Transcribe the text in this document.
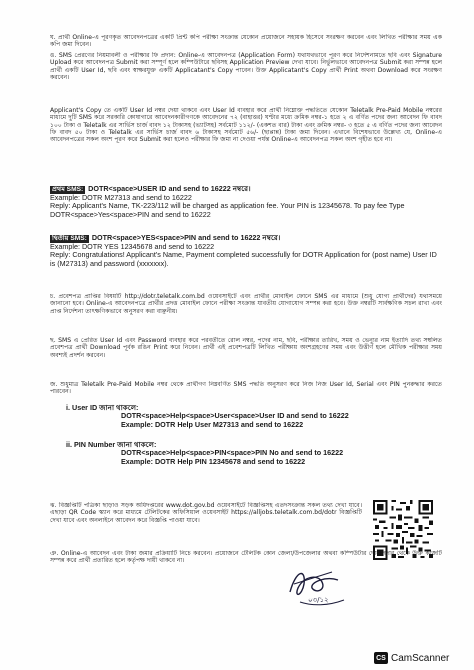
ঘ. প্রার্থী Online-এ পূরণকৃত আবেদনপত্রের একটি প্রিন্ট কপি পরীক্ষা সংক্রান্ত যেকোন প্রয়োজনে সহায়ক হিসেবে সংরক্ষণ করবেন এবং লিখিত পরীক্ষার সময় এক কপি জমা দিবেন।
ঙ. SMS প্রেরণের নিয়মাবলী ও পরীক্ষার ফি প্রদান: Online-এ আবেদনপত্র (Application Form) যথাযথভাবে পূরণ করে নির্দেশনামতে ছবি এবং Signature Upload করে আবেদনপত্র Submit করা সম্পূর্ণ হলে কম্পিউটারে ছবিসহ Application Preview দেখা যাবে। নির্ভুলভাবে আবেদনপত্র Submit করা সম্পন্ন হলে প্রার্থী একটি User Id, ছবি এবং স্বাক্ষরযুক্ত একটি Applicatant's Copy পাবেন। উক্ত Applicatant's Copy প্রার্থী Print অথবা Download করে সংরক্ষণ করবেন।
Applicant's Copy তে একটি User Id নম্বর দেয়া থাকবে এবং User Id ব্যবহার করে প্রার্থী নিম্নোক্ত পদ্ধতিতে যেকোন Teletalk Pre-Paid Mobile নম্বরের মাধ্যমে দুটি SMS করে সরকারি কোষাগারে আবেদনকারীগণকে আবেদনের ৭২ (বাহাত্তর) ঘণ্টার মধ্যে ক্রমিক নম্বর-১ হতে ২ এ বর্ণিত পদের জন্য আবেদন ফি বাবদ ১০০ টাকা ও Teletalk এর সার্ভিস চার্জ বাবদ ১২ টাকাসহ (ভ্যাটসহ) সর্বমোট ১১২/- (একশত বার) টাকা এবং ক্রমিক নম্বর- ৩ হতে ৫ এ বর্ণিত পদের জন্য আবেদন ফি বাবদ ৫০ টাকা ও Teletalk এর সার্ভিস চার্জ বাবদ ৬ টাকাসহ সর্বমোট ৫৬/- (ছাপ্পান্ন) টাকা জমা দিবেন। এখানে বিশেষভাবে উল্লেখ্য যে, Online-এ আবেদনপত্রের সকল অংশ পূরণ করে Submit করা হলেও পরীক্ষার ফি জমা না দেওয়া পর্যন্ত Online-এ আবেদনপত্র সকল অংশ গৃহীত হবে না।
প্রথম SMS: DOTR<space>USER ID and send to 16222 নম্বরে।
Example: DOTR M27313 and send to 16222
Reply: Applicant's Name, TK-223/112 will be charged as application fee. Your PIN is 12345678. To pay fee Type DOTR<space>Yes<space>PIN and send to 16222
দ্বিতীয় SMS: DOTR<space>YES<space>PIN and send to 16222 নম্বরে।
Example: DOTR YES 12345678 and send to 16222
Reply: Congratulations! Applicant's Name, Payment completed successfully for DOTR Application for (post name) User ID is (M27313) and password (xxxxxxx).
চ. প্রবেশপত্র প্রাপ্তির বিষয়টি http://dotr.teletalk.com.bd ওয়েবসাইটে এবং প্রার্থীর মোবাইল ফোনে SMS এর মাধ্যমে (শুধু যোগ্য প্রার্থীদের) যথাসময়ে জানানো হবে। Online-এ আবেদনপত্রে প্রার্থীর প্রদত্ত মোবাইল ফোনে পরীক্ষা সংক্রান্ত যাবতীয় যোগাযোগ সম্পন্ন করা হবে। উক্ত নম্বরটি সার্বক্ষণিক সচল রাখা এবং প্রাপ্ত নির্দেশনা তাৎক্ষণিকভাবে অনুসরণ করা বাঞ্ছনীয়।
ছ. SMS এ প্রেরিত User Id এবং Password ব্যবহার করে পরবর্তীতে রোল নম্বর, পদের নাম, ছবি, পরীক্ষার তারিখ, সময় ও ভেন্যুর নাম ইত্যাদি তথ্য সম্বলিত প্রবেশপত্র প্রার্থী Download পূর্বক রঙিন Print করে নিবেন। প্রার্থী এই প্রবেশপত্রটি লিখিত পরীক্ষায় অংশগ্রহণের সময় এবং উত্তীর্ণ হলে মৌখিক পরীক্ষার সময় অবশ্যই প্রদর্শন করবেন।
জ. শুধুমাত্র Teletalk Pre-Paid Mobile নম্বর থেকে প্রার্থীগণ নিম্নবর্ণিত SMS পদ্ধতি অনুসরণ করে নিজ নিজ User Id, Serial এবং PIN পুনরুদ্ধার করতে পারবেন।
i. User ID জানা থাকলে:
DOTR<space>Help<space>User<space>User ID and send to 16222
Example: DOTR Help User M27313 and send to 16222
ii. PIN Number জানা থাকলে:
DOTR<space>Help<space>PIN<space>PIN No and send to 16222
Example: DOTR Help PIN 12345678 and send to 16222
ঝ. বিজ্ঞপ্তিটি পত্রিকা ছাড়াও সড়ক অধিদপ্তরের www.dot.gov.bd ওয়েবসাইটে বিজ্ঞপ্তিসহ এতদসংক্রান্ত সকল তথ্য দেখা যাবে। এছাড়া QR Code স্ক্যান করে মাধ্যমে টেলিটকের অফিসিয়াল ওয়েবসাইট https://alljobs.teletalk.com.bd/dotr বিজ্ঞপ্তিটি দেখা যাবে এবং অনলাইনে আবেদন করে বিজ্ঞপ্তি পাওয়া যাবে।
ঞ. Online-এ আবেদন এবং টাকা জমার প্রক্রিয়াটি নিচে করবেন। প্রয়োজনে টেলিটক কোন জেলা/উপজেলার অথবা কম্পিউটার দোকানদার থেকে উক্ত কাজটি সম্পন্ন করে প্রার্থী প্রতারিত হলে কর্তৃপক্ষ দায়ী থাকবে না।
০৩/১২
CS CamScanner
